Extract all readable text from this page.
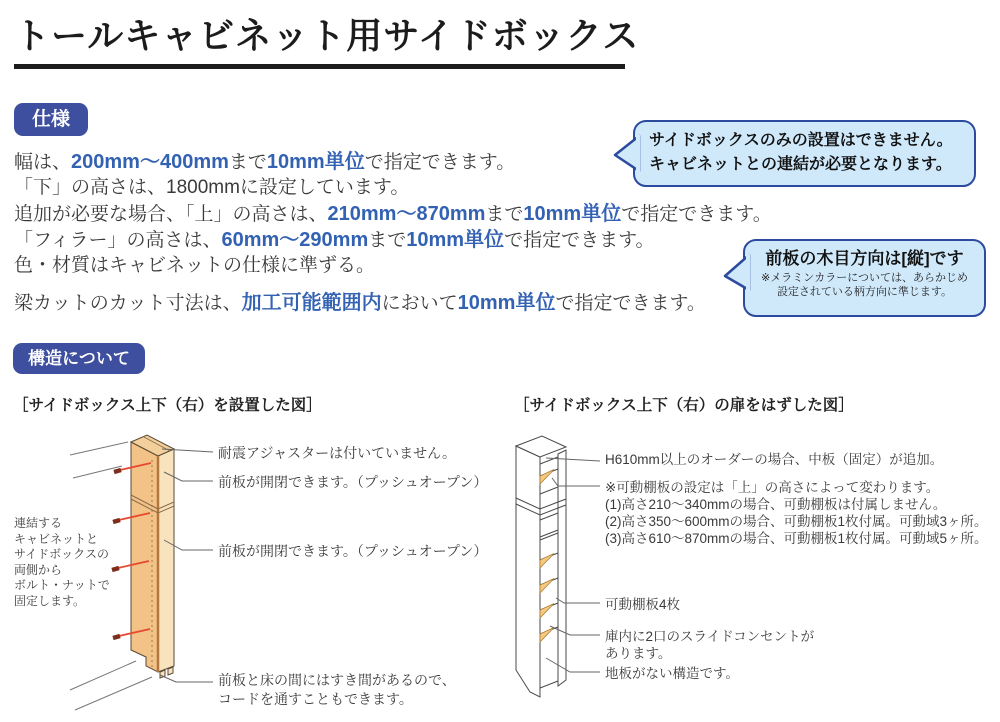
トールキャビネット用サイドボックス
仕様
幅は、200mm〜400mmまで10mm単位で指定できます。
「下」の高さは、1800mmに設定しています。
追加が必要な場合、「上」の高さは、210mm〜870mmまで10mm単位で指定できます。
「フィラー」の高さは、60mm〜290mmまで10mm単位で指定できます。
色・材質はキャビネットの仕様に準ずる。
梁カットのカット寸法は、加工可能範囲内において10mm単位で指定できます。
サイドボックスのみの設置はできません。
キャビネットとの連結が必要となります。
前板の木目方向は[縦]です
※メラミンカラーについては、あらかじめ
設定されている柄方向に準じます。
構造について
［サイドボックス上下（右）を設置した図］	［サイドボックス上下（右）の扉をはずした図］
耐震アジャスターは付いていません。
前板が開閉できます。（プッシュオープン）
前板が開閉できます。（プッシュオープン）
前板と床の間にはすき間があるので、
コードを通すこともできます。
連結する
キャビネットと
サイドボックスの
両側から
ボルト・ナットで
固定します。
H610mm以上のオーダーの場合、中板（固定）が追加。
※可動棚板の設定は「上」の高さによって変わります。
(1)高さ210〜340mmの場合、可動棚板は付属しません。
(2)高さ350〜600mmの場合、可動棚板1枚付属。可動域3ヶ所。
(3)高さ610〜870mmの場合、可動棚板1枚付属。可動域5ヶ所。
可動棚板4枚
庫内に2口のスライドコンセントが
あります。
地板がない構造です。
